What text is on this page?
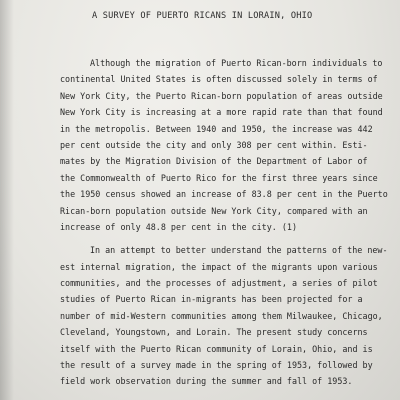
A SURVEY OF PUERTO RICANS IN LORAIN, OHIO
Although the migration of Puerto Rican-born individuals to
continental United States is often discussed solely in terms of
New York City, the Puerto Rican-born population of areas outside
New York City is increasing at a more rapid rate than that found
in the metropolis. Between 1940 and 1950, the increase was 442
per cent outside the city and only 308 per cent within. Esti-
mates by the Migration Division of the Department of Labor of
the Commonwealth of Puerto Rico for the first three years since
the 1950 census showed an increase of 83.8 per cent in the Puerto
Rican-born population outside New York City, compared with an
increase of only 48.8 per cent in the city. (1)
In an attempt to better understand the patterns of the new-
est internal migration, the impact of the migrants upon various
communities, and the processes of adjustment, a series of pilot
studies of Puerto Rican in-migrants has been projected for a
number of mid-Western communities among them Milwaukee, Chicago,
Cleveland, Youngstown, and Lorain. The present study concerns
itself with the Puerto Rican community of Lorain, Ohio, and is
the result of a survey made in the spring of 1953, followed by
field work observation during the summer and fall of 1953.
